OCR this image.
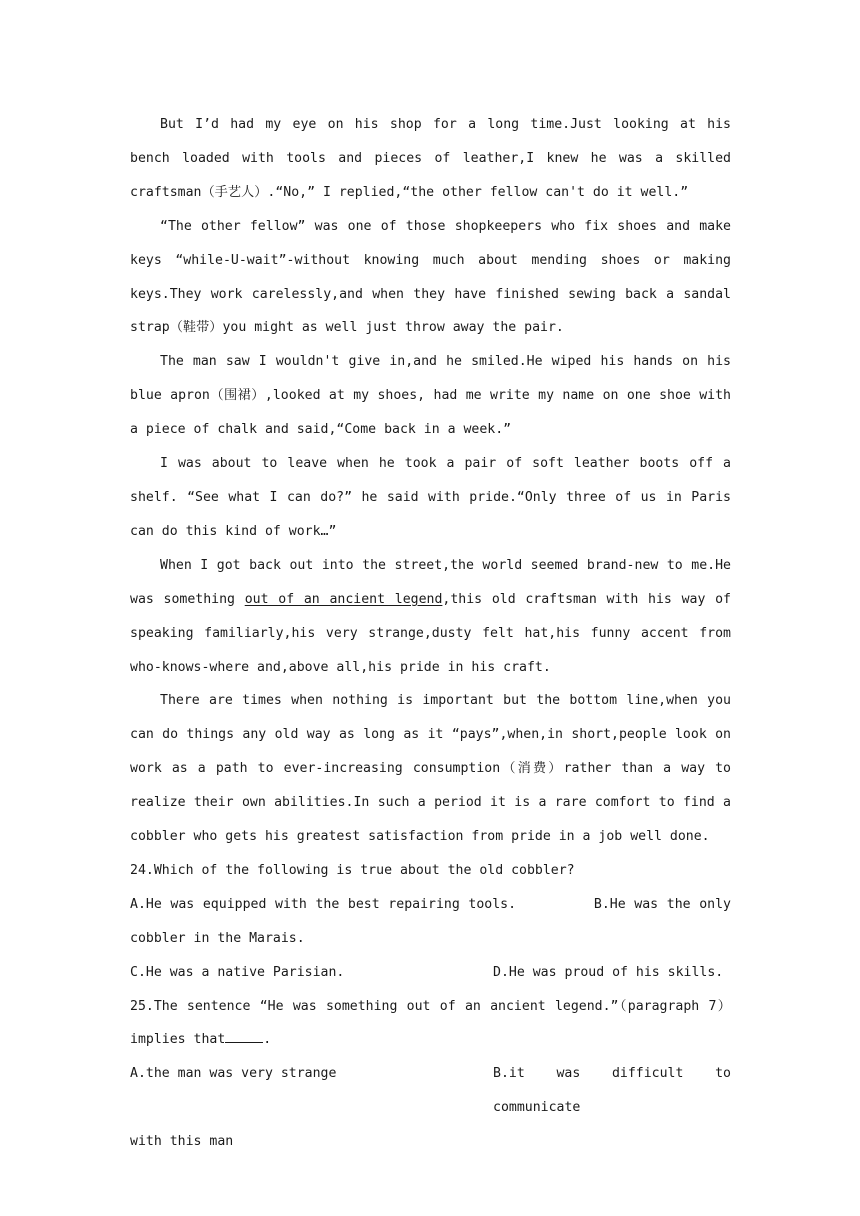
But I’d had my eye on his shop for a long time.Just looking at his bench loaded with tools and pieces of leather,I knew he was a skilled craftsman（手艺人）.“No,” I replied,“the other fellow can't do it well.”

“The other fellow” was one of those shopkeepers who fix shoes and make keys “while-U-wait”-without knowing much about mending shoes or making keys.They work carelessly,and when they have finished sewing back a sandal strap（鞋带）you might as well just throw away the pair.

The man saw I wouldn't give in,and he smiled.He wiped his hands on his blue apron（围裙）,looked at my shoes, had me write my name on one shoe with a piece of chalk and said,“Come back in a week.”

I was about to leave when he took a pair of soft leather boots off a shelf. “See what I can do?” he said with pride.“Only three of us in Paris can do this kind of work…”

When I got back out into the street,the world seemed brand-new to me.He was something out of an ancient legend,this old craftsman with his way of speaking familiarly,his very strange,dusty felt hat,his funny accent from who-knows-where and,above all,his pride in his craft.

There are times when nothing is important but the bottom line,when you can do things any old way as long as it “pays”,when,in short,people look on work as a path to ever-increasing consumption（消费）rather than a way to realize their own abilities.In such a period it is a rare comfort to find a cobbler who gets his greatest satisfaction from pride in a job well done.

24.Which of the following is true about the old cobbler?

A.He was equipped with the best repairing tools.	B.He was the only cobbler in the Marais.

C.He was a native Parisian.	D.He was proud of his skills.

25.The sentence “He was something out of an ancient legend.”（paragraph 7）implies that	.

A.the man was very strange	B.it was difficult to communicate

with this man
